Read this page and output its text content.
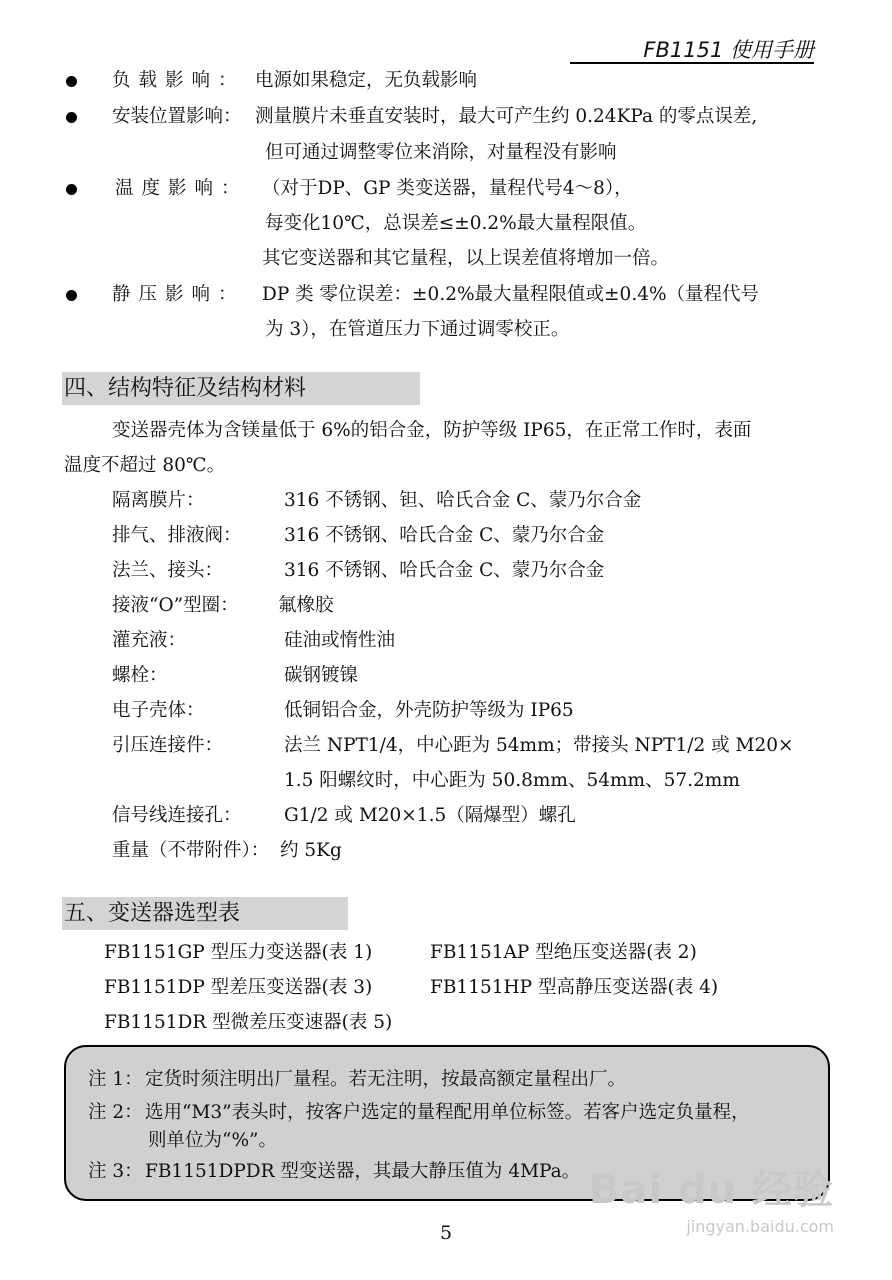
FB1151 使用手册
负载影响： 电源如果稳定，无负载影响
安装位置影响： 测量膜片未垂直安装时，最大可产生约 0.24KPa 的零点误差,
但可通过调整零位来消除，对量程没有影响
温度影响： （对于DP、GP 类变送器，量程代号4～8），
每变化10℃，总误差≤±0.2%最大量程限值。
其它变送器和其它量程，以上误差值将增加一倍。
静压影响： DP 类 零位误差：±0.2%最大量程限值或±0.4%（量程代号
为 3），在管道压力下通过调零校正。
四、结构特征及结构材料
变送器壳体为含镁量低于 6%的铝合金，防护等级 IP65，在正常工作时，表面
温度不超过 80℃。
隔离膜片：	316 不锈钢、钽、哈氏合金 C、蒙乃尔合金
排气、排液阀： 316 不锈钢、哈氏合金 C、蒙乃尔合金
法兰、接头：	316 不锈钢、哈氏合金 C、蒙乃尔合金
接液“O”型圈： 氟橡胶
灌充液：	硅油或惰性油
螺栓：	碳钢镀镍
电子壳体：	低铜铝合金，外壳防护等级为 IP65
引压连接件：	法兰 NPT1/4，中心距为 54mm；带接头 NPT1/2 或 M20×
1.5 阳螺纹时，中心距为 50.8mm、54mm、57.2mm
信号线连接孔： G1/2 或 M20×1.5（隔爆型）螺孔
重量（不带附件）： 约 5Kg
五、变送器选型表
FB1151GP 型压力变送器(表 1)	FB1151AP 型绝压变送器(表 2)
FB1151DP 型差压变送器(表 3)	FB1151HP 型高静压变送器(表 4)
FB1151DR 型微差压变速器(表 5)
注 1： 定货时须注明出厂量程。若无注明，按最高额定量程出厂。
注 2： 选用“M3”表头时，按客户选定的量程配用单位标签。若客户选定负量程，
则单位为“%”。
注 3： FB1151DPDR 型变送器，其最大静压值为 4MPa。 Bai du 经验
jingyan.baidu.com
5
